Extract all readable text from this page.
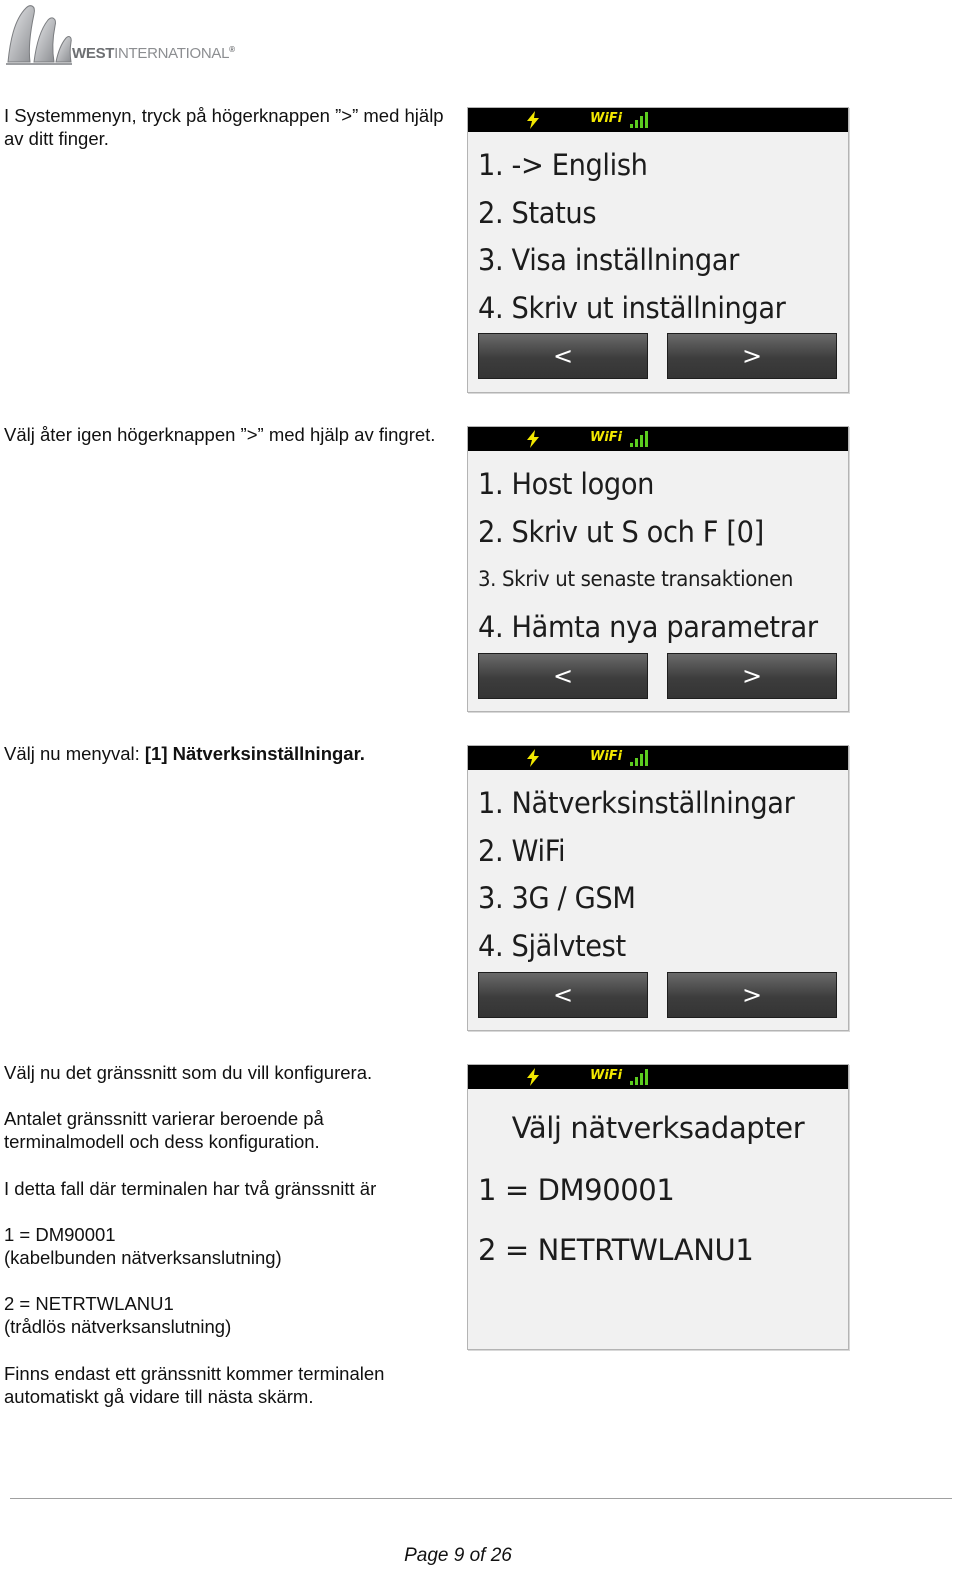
WESTINTERNATIONAL®

I Systemmenyn, tryck på högerknappen ”>” med hjälp av ditt finger.

WiFi
1. -> English
2. Status
3. Visa inställningar
4. Skriv ut inställningar
<	>

Välj åter igen högerknappen ”>” med hjälp av fingret.	WiFi
1. Host logon
2. Skriv ut S och F [0]
3. Skriv ut senaste transaktionen
4. Hämta nya parametrar
<	>

Välj nu menyval: [1] Nätverksinställningar.	WiFi
1. Nätverksinställningar
2. WiFi
3. 3G / GSM
4. Självtest
<	>

Välj nu det gränssnitt som du vill konfigurera.

Antalet gränssnitt varierar beroende på terminalmodell och dess konfiguration.

I detta fall där terminalen har två gränssnitt är

1 = DM90001

(kabelbunden nätverksanslutning)

2 = NETRTWLANU1

(trådlös nätverksanslutning)

Finns endast ett gränssnitt kommer terminalen automatiskt gå vidare till nästa skärm.

WiFi
Välj nätverksadapter
1 = DM90001
2 = NETRTWLANU1
Page 9 of 26
